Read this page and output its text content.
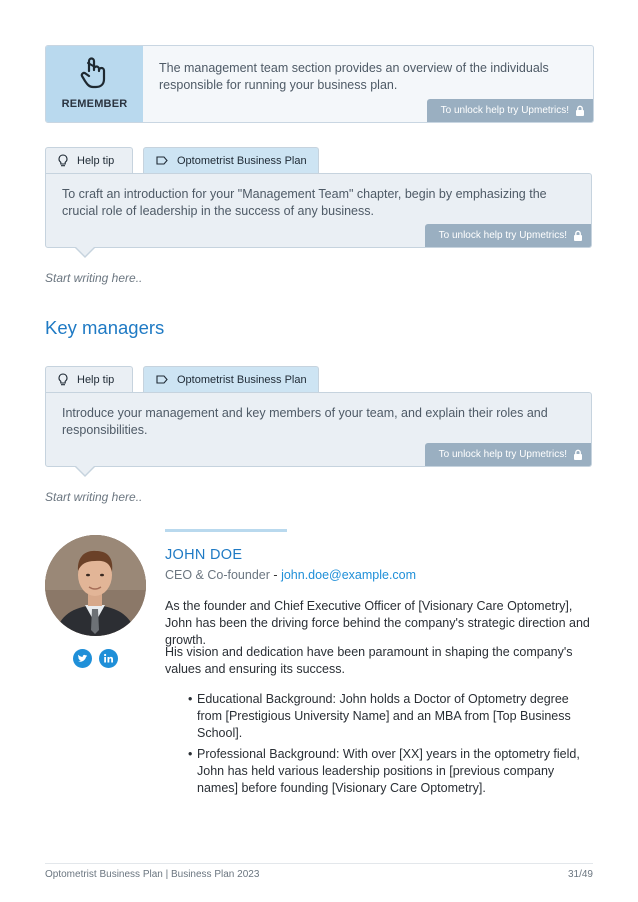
REMEMBER
The management team section provides an overview of the individuals responsible for running your business plan.
To unlock help try Upmetrics!
Help tip	Optometrist Business Plan
To craft an introduction for your "Management Team" chapter, begin by emphasizing the crucial role of leadership in the success of any business.
To unlock help try Upmetrics!
Start writing here..
Key managers
Help tip	Optometrist Business Plan
Introduce your management and key members of your team, and explain their roles and responsibilities.
To unlock help try Upmetrics!
Start writing here..
JOHN DOE
CEO & Co-founder - john.doe@example.com
As the founder and Chief Executive Officer of [Visionary Care Optometry], John has been the driving force behind the company's strategic direction and growth.
His vision and dedication have been paramount in shaping the company's values and ensuring its success.
• Educational Background: John holds a Doctor of Optometry degree from [Prestigious University Name] and an MBA from [Top Business School].
• Professional Background: With over [XX] years in the optometry field, John has held various leadership positions in [previous company names] before founding [Visionary Care Optometry].
Optometrist Business Plan | Business Plan 2023	31/49
